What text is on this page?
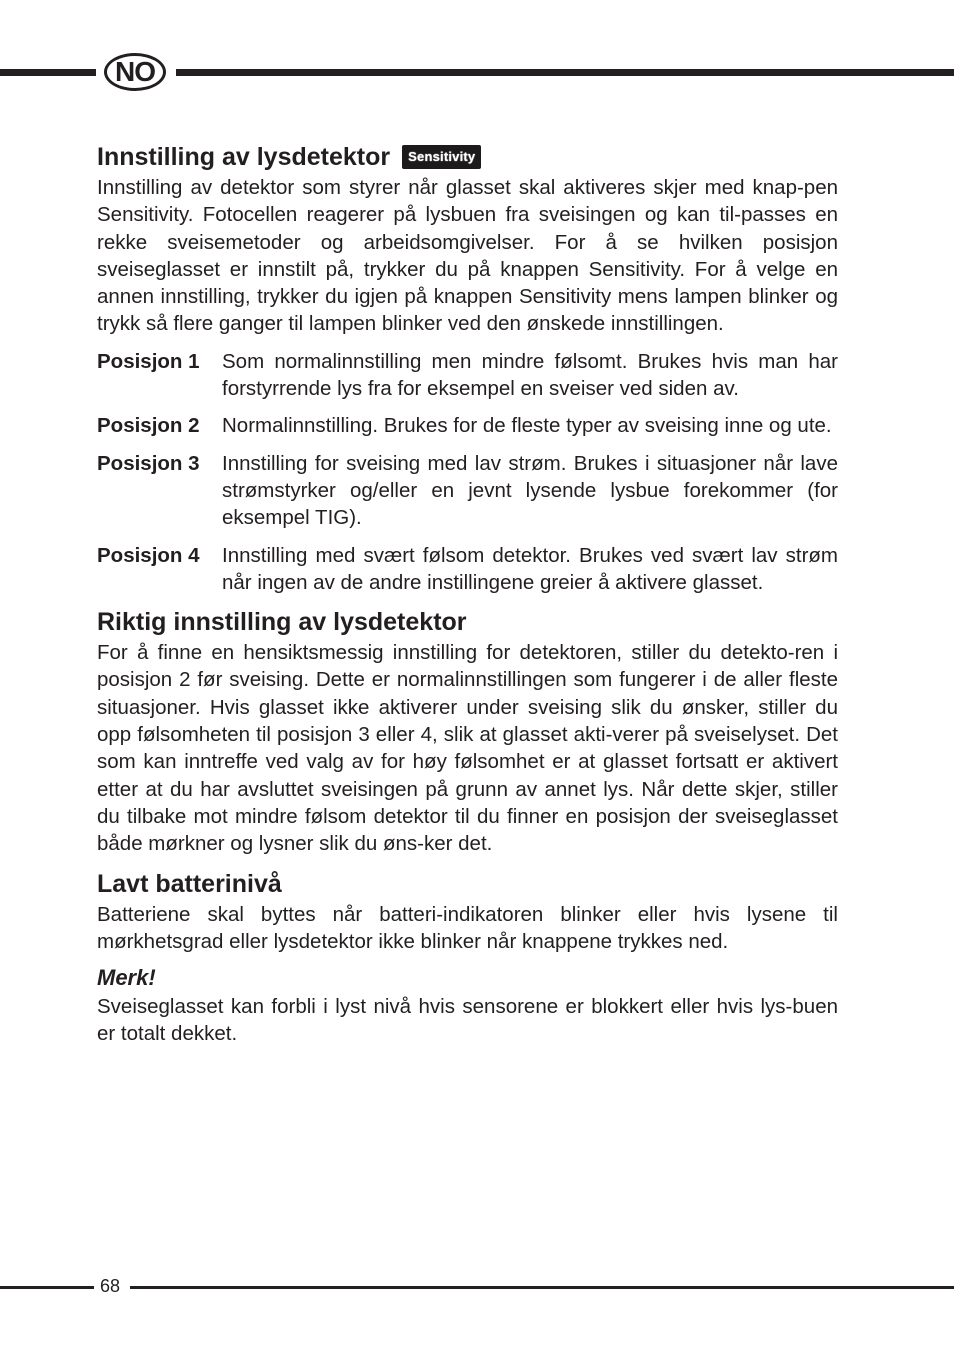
NO
Innstilling av lysdetektor	Sensitivity

Innstilling av detektor som styrer når glasset skal aktiveres skjer med knap-pen Sensitivity. Fotocellen reagerer på lysbuen fra sveisingen og kan til-passes en rekke sveisemetoder og arbeidsomgivelser. For å se hvilken posisjon sveiseglasset er innstilt på, trykker du på knappen Sensitivity. For å velge en annen innstilling, trykker du igjen på knappen Sensitivity mens lampen blinker og trykk så flere ganger til lampen blinker ved den ønskede innstillingen.

Posisjon 1	Som normalinnstilling men mindre følsomt. Brukes hvis man har forstyrrende lys fra for eksempel en sveiser ved siden av.
Posisjon 2	Normalinnstilling. Brukes for de fleste typer av sveising inne og ute.
Posisjon 3	Innstilling for sveising med lav strøm. Brukes i situasjoner når lave strømstyrker og/eller en jevnt lysende lysbue forekommer (for eksempel TIG).
Posisjon 4	Innstilling med svært følsom detektor. Brukes ved svært lav strøm når ingen av de andre instillingene greier å aktivere glasset.
Riktig innstilling av lysdetektor

For å finne en hensiktsmessig innstilling for detektoren, stiller du detekto-ren i posisjon 2 før sveising. Dette er normalinnstillingen som fungerer i de aller fleste situasjoner. Hvis glasset ikke aktiverer under sveising slik du ønsker, stiller du opp følsomheten til posisjon 3 eller 4, slik at glasset akti-verer på sveiselyset. Det som kan inntreffe ved valg av for høy følsomhet er at glasset fortsatt er aktivert etter at du har avsluttet sveisingen på grunn av annet lys. Når dette skjer, stiller du tilbake mot mindre følsom detektor til du finner en posisjon der sveiseglasset både mørkner og lysner slik du øns-ker det.

Lavt batterinivå

Batteriene skal byttes når batteri-indikatoren blinker eller hvis lysene til mørkhetsgrad eller lysdetektor ikke blinker når knappene trykkes ned.

Merk!

Sveiseglasset kan forbli i lyst nivå hvis sensorene er blokkert eller hvis lys-buen er totalt dekket.

68
